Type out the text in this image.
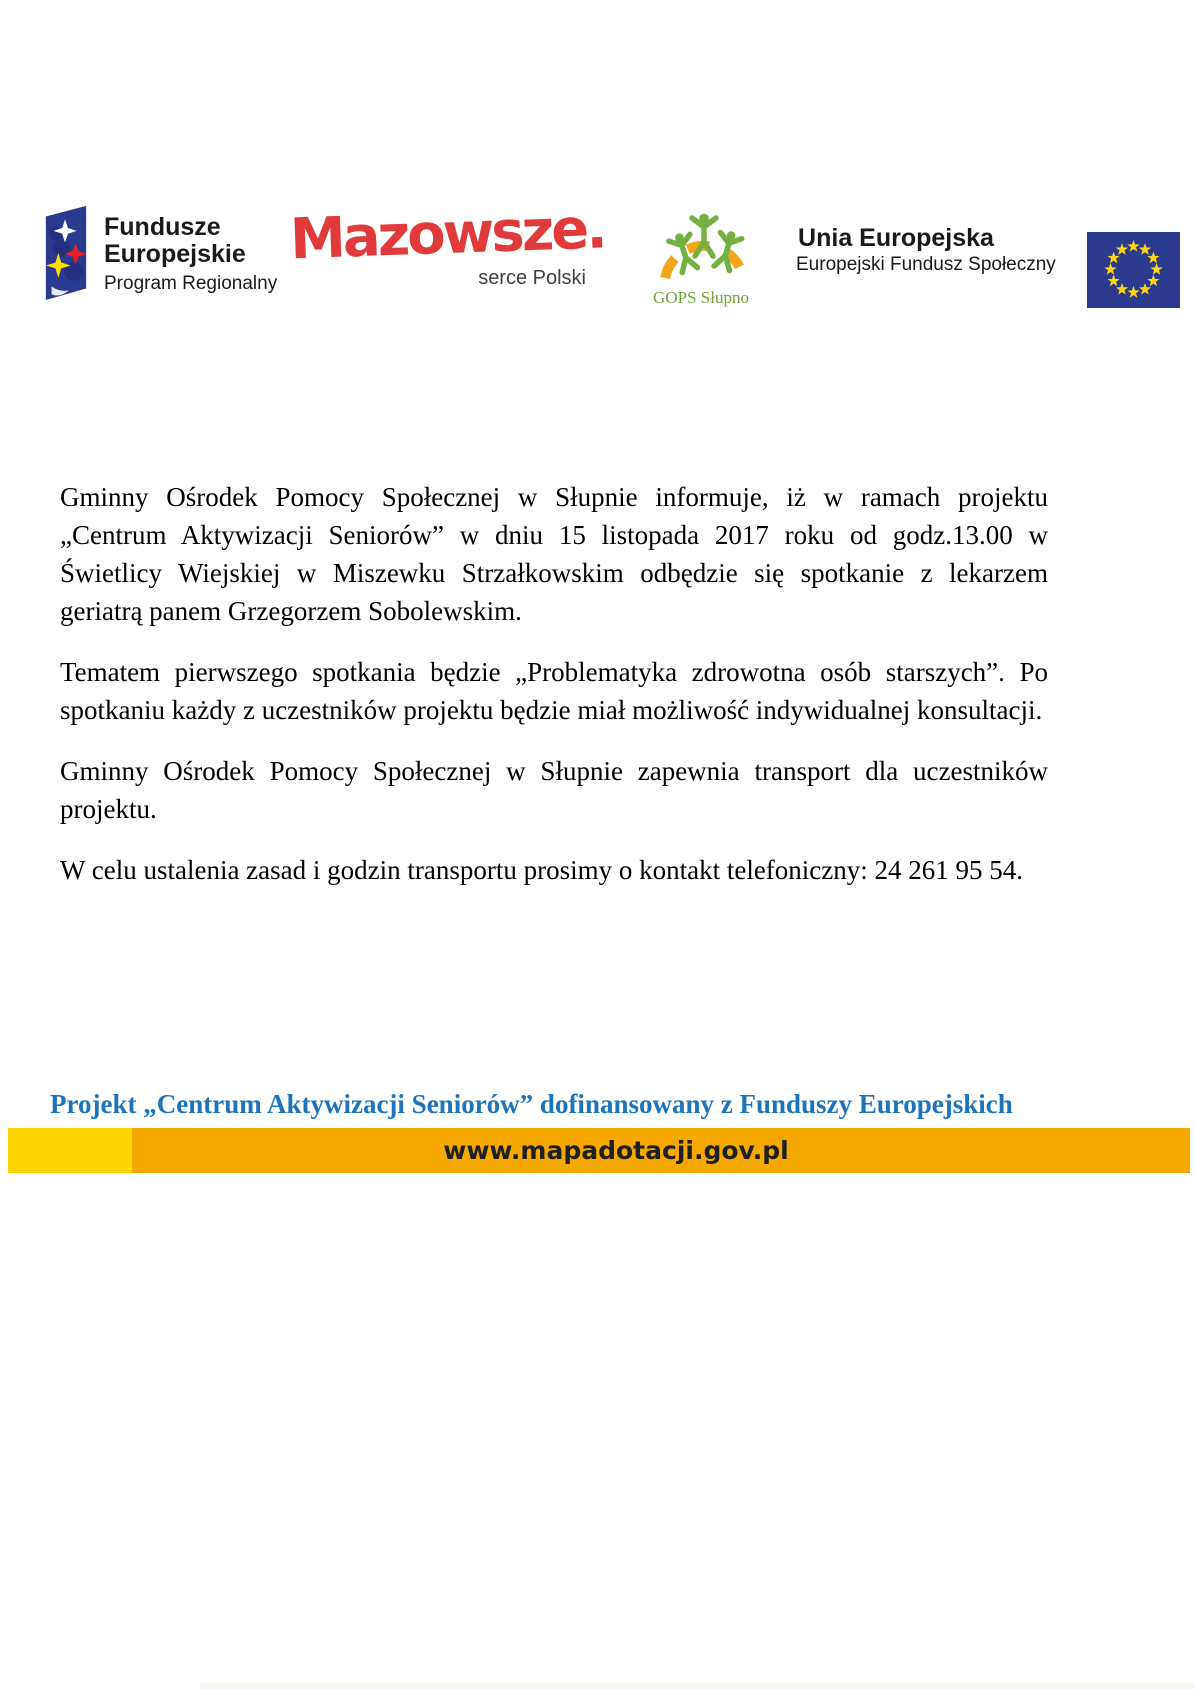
Fundusze
Europejskie
Program Regionalny
Mazowsze.
serce Polski
GOPS Słupno
Unia Europejska
Europejski Fundusz Społeczny

Gminny Ośrodek Pomocy Społecznej w Słupnie informuje, iż w ramach projektu „Centrum Aktywizacji Seniorów” w dniu 15 listopada 2017 roku od godz.13.00 w Świetlicy Wiejskiej w Miszewku Strzałkowskim odbędzie się spotkanie z lekarzem geriatrą panem Grzegorzem Sobolewskim.

Tematem pierwszego spotkania będzie „Problematyka zdrowotna osób starszych”. Po spotkaniu każdy z uczestników projektu będzie miał możliwość indywidualnej konsultacji.

Gminny Ośrodek Pomocy Społecznej w Słupnie zapewnia transport dla uczestników projektu.

W celu ustalenia zasad i godzin transportu prosimy o kontakt telefoniczny: 24 261 95 54.

Projekt „Centrum Aktywizacji Seniorów” dofinansowany z Funduszy Europejskich
www.mapadotacji.gov.pl
